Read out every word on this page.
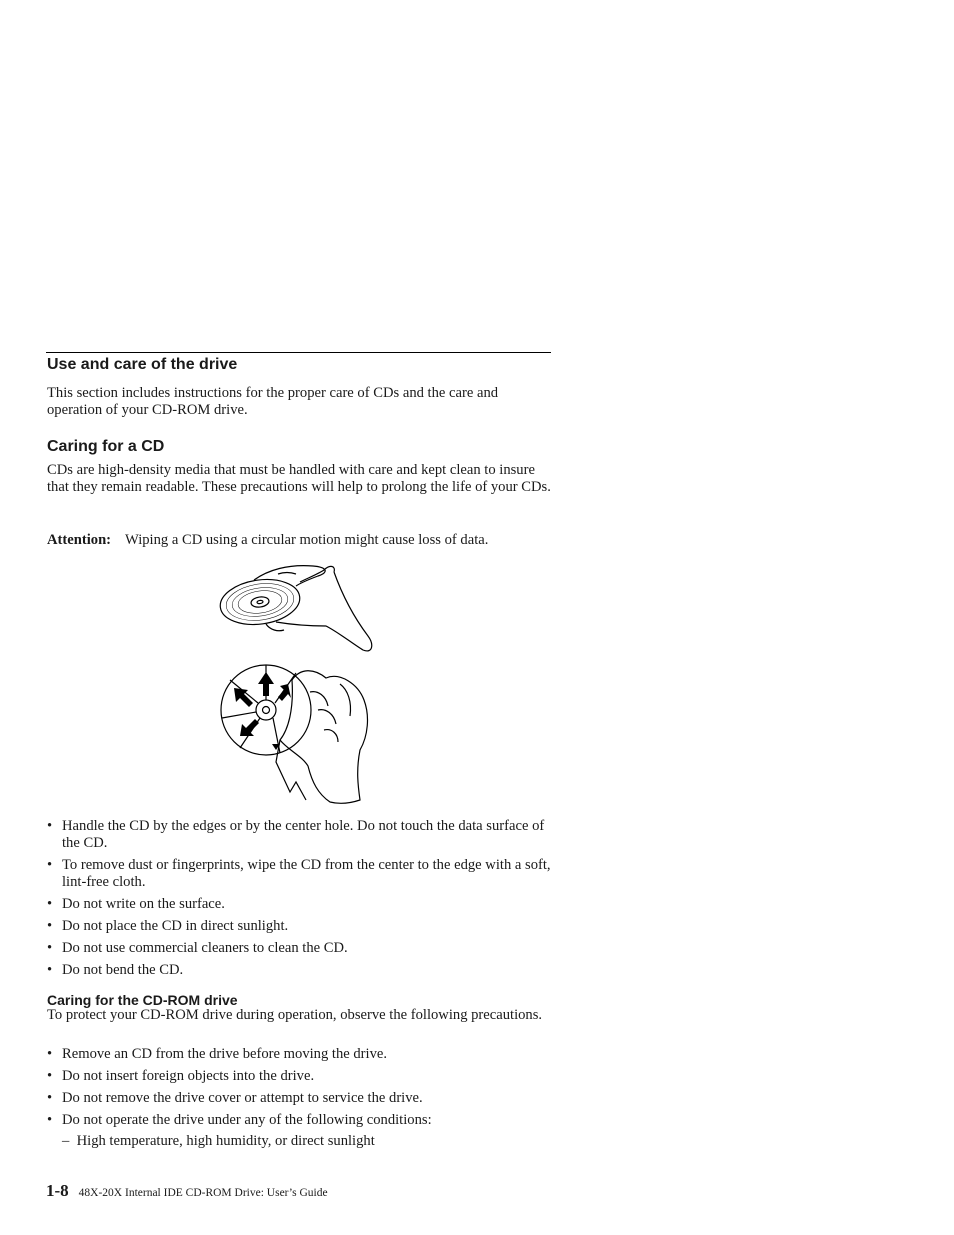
Use and care of the drive
This section includes instructions for the proper care of CDs and the care and operation of your CD-ROM drive.
Caring for a CD
CDs are high-density media that must be handled with care and kept clean to insure that they remain readable. These precautions will help to prolong the life of your CDs.
Attention: Wiping a CD using a circular motion might cause loss of data.
• Handle the CD by the edges or by the center hole. Do not touch the data surface of the CD.
• To remove dust or fingerprints, wipe the CD from the center to the edge with a soft, lint-free cloth.
• Do not write on the surface.
• Do not place the CD in direct sunlight.
• Do not use commercial cleaners to clean the CD.
• Do not bend the CD.
Caring for the CD-ROM drive
To protect your CD-ROM drive during operation, observe the following precautions.
• Remove an CD from the drive before moving the drive.
• Do not insert foreign objects into the drive.
• Do not remove the drive cover or attempt to service the drive.
• Do not operate the drive under any of the following conditions:
– High temperature, high humidity, or direct sunlight
1-8 48X-20X Internal IDE CD-ROM Drive: User’s Guide
